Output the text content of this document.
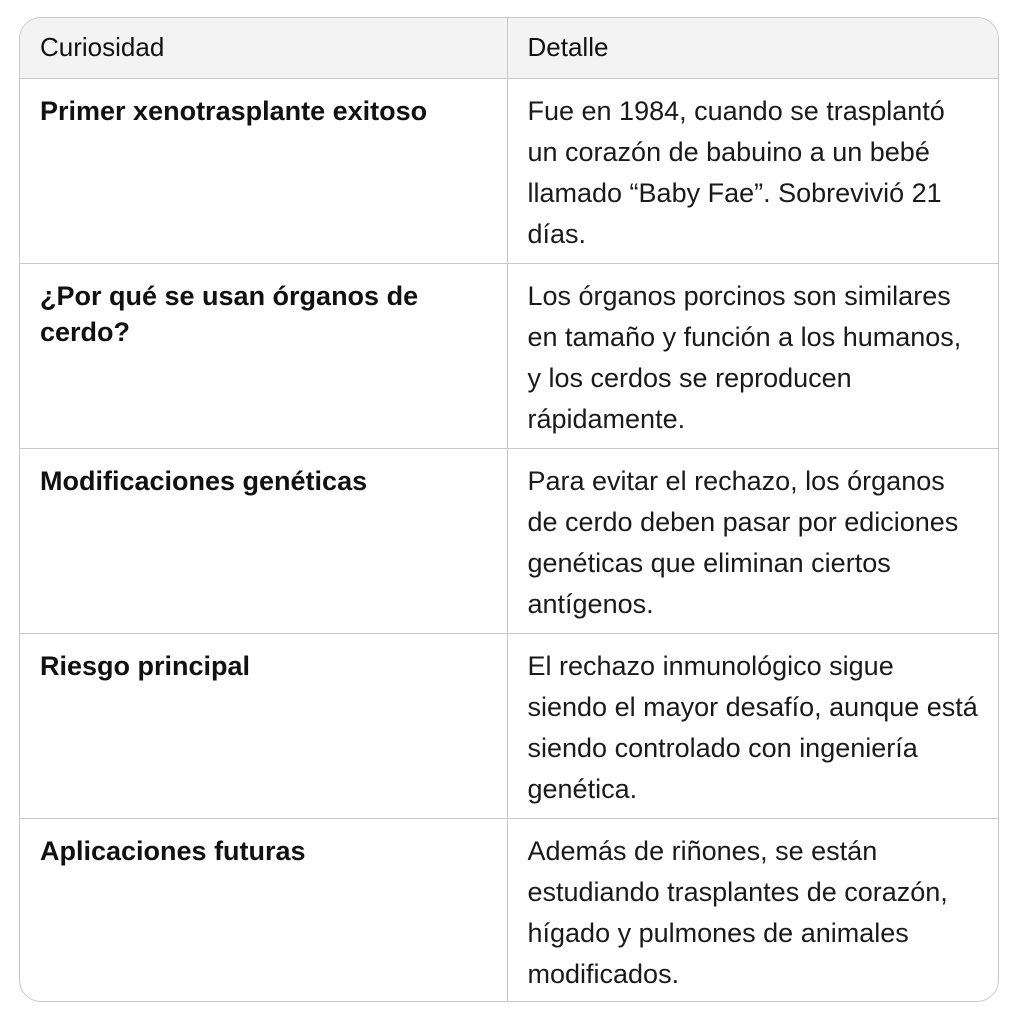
Curiosidad	Detalle
Primer xenotrasplante exitoso	Fue en 1984, cuando se trasplantó un corazón de babuino a un bebé llamado “Baby Fae”. Sobrevivió 21 días.
¿Por qué se usan órganos de cerdo?	Los órganos porcinos son similares en tamaño y función a los humanos, y los cerdos se reproducen rápidamente.
Modificaciones genéticas	Para evitar el rechazo, los órganos de cerdo deben pasar por ediciones genéticas que eliminan ciertos antígenos.
Riesgo principal	El rechazo inmunológico sigue siendo el mayor desafío, aunque está siendo controlado con ingeniería genética.
Aplicaciones futuras	Además de riñones, se están estudiando trasplantes de corazón, hígado y pulmones de animales modificados.
